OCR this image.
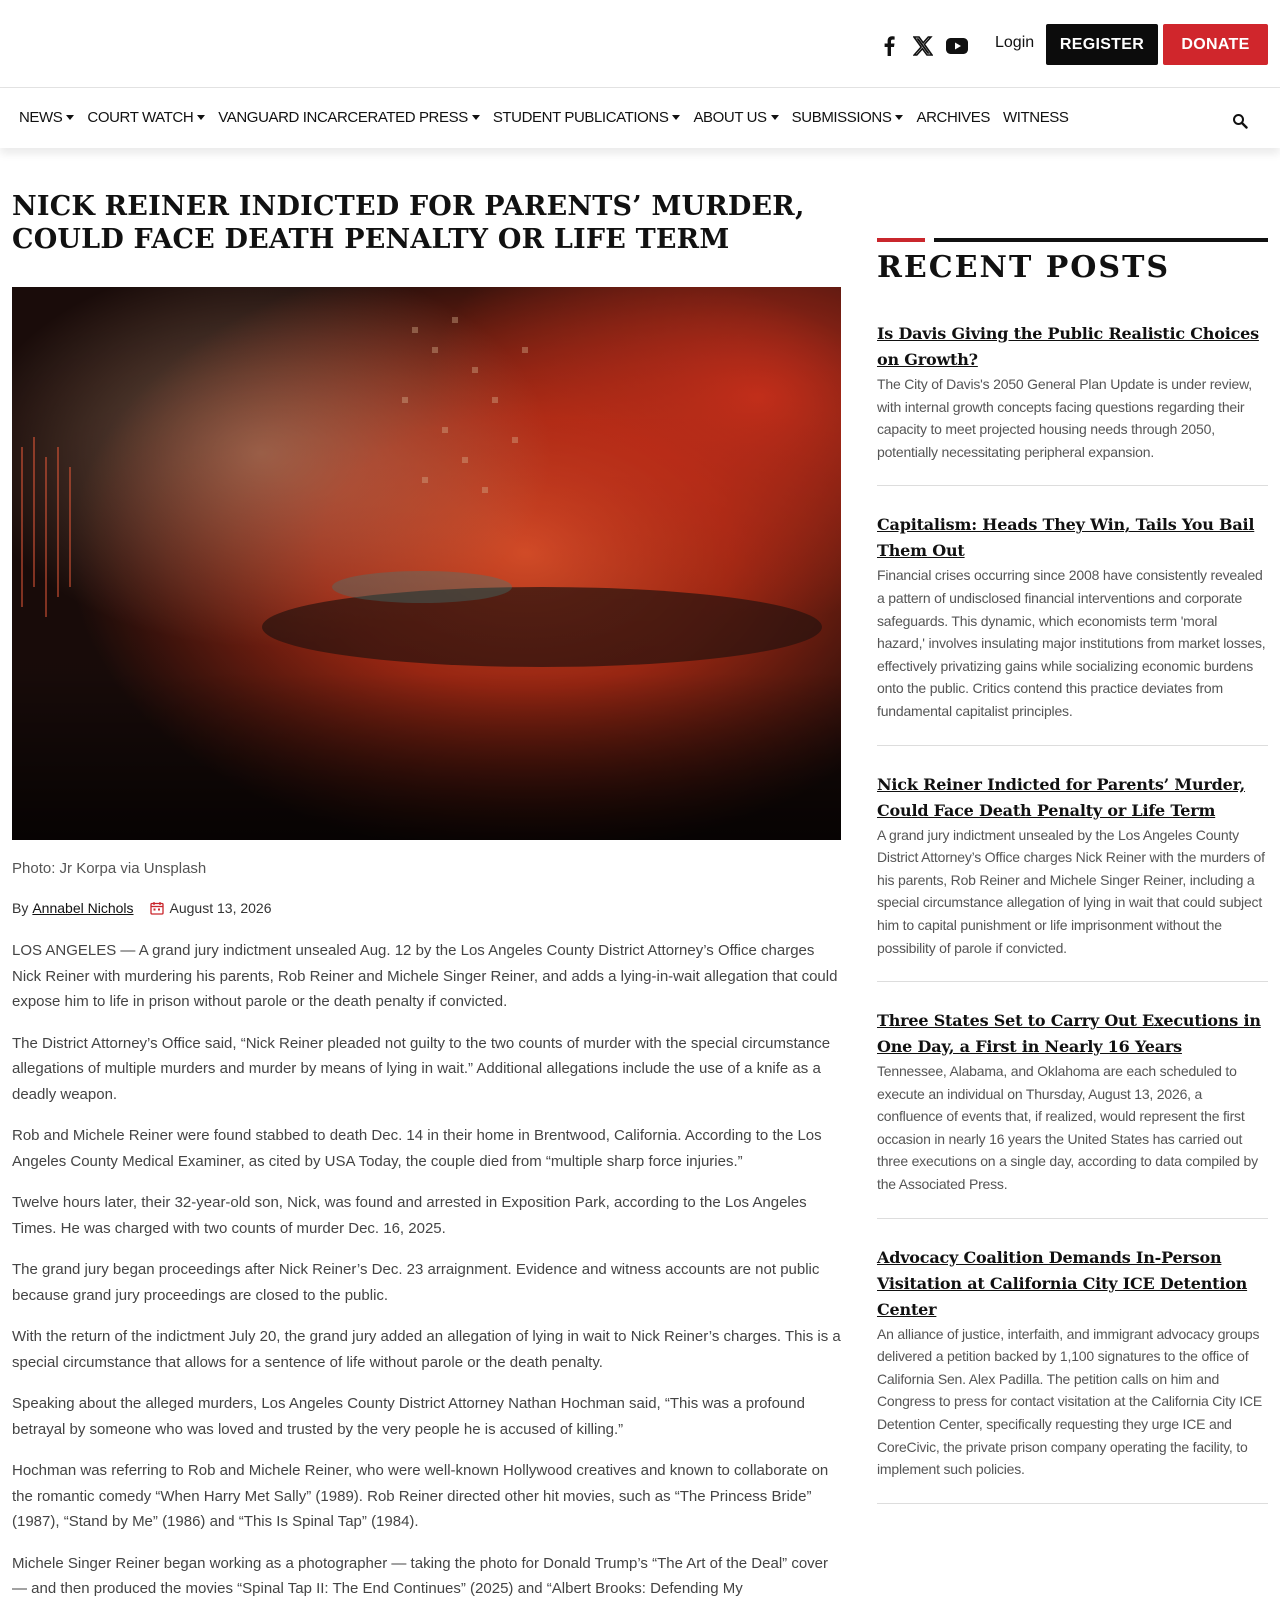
Login	REGISTER	DONATE
NEWS COURT WATCH VANGUARD INCARCERATED PRESS STUDENT PUBLICATIONS ABOUT US SUBMISSIONS ARCHIVES WITNESS
NICK REINER INDICTED FOR PARENTS’ MURDER, COULD FACE DEATH PENALTY OR LIFE TERM
Photo: Jr Korpa via Unsplash
By Annabel Nichols	August 13, 2026

LOS ANGELES — A grand jury indictment unsealed Aug. 12 by the Los Angeles County District Attorney’s Office charges Nick Reiner with murdering his parents, Rob Reiner and Michele Singer Reiner, and adds a lying-in-wait allegation that could expose him to life in prison without parole or the death penalty if convicted.

The District Attorney’s Office said, “Nick Reiner pleaded not guilty to the two counts of murder with the special circumstance allegations of multiple murders and murder by means of lying in wait.” Additional allegations include the use of a knife as a deadly weapon.

Rob and Michele Reiner were found stabbed to death Dec. 14 in their home in Brentwood, California. According to the Los Angeles County Medical Examiner, as cited by USA Today, the couple died from “multiple sharp force injuries.”

Twelve hours later, their 32-year-old son, Nick, was found and arrested in Exposition Park, according to the Los Angeles Times. He was charged with two counts of murder Dec. 16, 2025.

The grand jury began proceedings after Nick Reiner’s Dec. 23 arraignment. Evidence and witness accounts are not public because grand jury proceedings are closed to the public.

With the return of the indictment July 20, the grand jury added an allegation of lying in wait to Nick Reiner’s charges. This is a special circumstance that allows for a sentence of life without parole or the death penalty.

Speaking about the alleged murders, Los Angeles County District Attorney Nathan Hochman said, “This was a profound betrayal by someone who was loved and trusted by the very people he is accused of killing.”

Hochman was referring to Rob and Michele Reiner, who were well-known Hollywood creatives and known to collaborate on the romantic comedy “When Harry Met Sally” (1989). Rob Reiner directed other hit movies, such as “The Princess Bride” (1987), “Stand by Me” (1986) and “This Is Spinal Tap” (1984).

Michele Singer Reiner began working as a photographer — taking the photo for Donald Trump’s “The Art of the Deal” cover — and then produced the movies “Spinal Tap II: The End Continues” (2025) and “Albert Brooks: Defending My

RECENT POSTS
Is Davis Giving the Public Realistic Choices on Growth?

The City of Davis's 2050 General Plan Update is under review, with internal growth concepts facing questions regarding their capacity to meet projected housing needs through 2050, potentially necessitating peripheral expansion.

Capitalism: Heads They Win, Tails You Bail Them Out

Financial crises occurring since 2008 have consistently revealed a pattern of undisclosed financial interventions and corporate safeguards. This dynamic, which economists term 'moral hazard,' involves insulating major institutions from market losses, effectively privatizing gains while socializing economic burdens onto the public. Critics contend this practice deviates from fundamental capitalist principles.

Nick Reiner Indicted for Parents’ Murder, Could Face Death Penalty or Life Term

A grand jury indictment unsealed by the Los Angeles County District Attorney’s Office charges Nick Reiner with the murders of his parents, Rob Reiner and Michele Singer Reiner, including a special circumstance allegation of lying in wait that could subject him to capital punishment or life imprisonment without the possibility of parole if convicted.

Three States Set to Carry Out Executions in One Day, a First in Nearly 16 Years

Tennessee, Alabama, and Oklahoma are each scheduled to execute an individual on Thursday, August 13, 2026, a confluence of events that, if realized, would represent the first occasion in nearly 16 years the United States has carried out three executions on a single day, according to data compiled by the Associated Press.

Advocacy Coalition Demands In-Person Visitation at California City ICE Detention Center

An alliance of justice, interfaith, and immigrant advocacy groups delivered a petition backed by 1,100 signatures to the office of California Sen. Alex Padilla. The petition calls on him and Congress to press for contact visitation at the California City ICE Detention Center, specifically requesting they urge ICE and CoreCivic, the private prison company operating the facility, to implement such policies.
